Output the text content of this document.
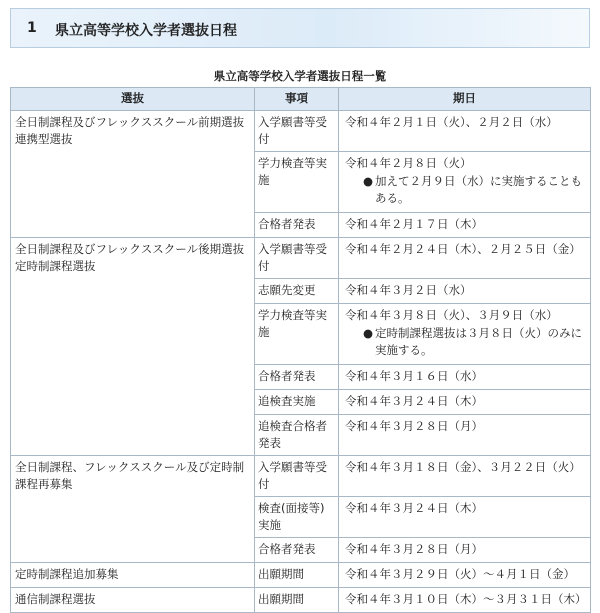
1 県立高等学校入学者選抜日程
県立高等学校入学者選抜日程一覧
選抜	事項	期日
全日制課程及びフレックススクール前期選抜連携型選抜	入学願書等受付	令和４年２月１日（火）、２月２日（水）
	学力検査等実施	令和４年２月８日（火）
● 加えて２月９日（水）に実施することもある。

	合格者発表	令和４年２月１７日（木）
全日制課程及びフレックススクール後期選抜定時制課程選抜	入学願書等受付	令和４年２月２４日（木）、２月２５日（金）
	志願先変更	令和４年３月２日（水）
	学力検査等実施	令和４年３月８日（火）、３月９日（水）
● 定時制課程選抜は３月８日（火）のみに実施する。

	合格者発表	令和４年３月１６日（水）
	追検査実施	令和４年３月２４日（木）
	追検査合格者発表	令和４年３月２８日（月）
全日制課程、フレックススクール及び定時制課程再募集	入学願書等受付	令和４年３月１８日（金）、３月２２日（火）
	検査(面接等)実施	令和４年３月２４日（木）
	合格者発表	令和４年３月２８日（月）
定時制課程追加募集	出願期間	令和４年３月２９日（火）～４月１日（金）
通信制課程選抜	出願期間	令和４年３月１０日（木）～３月３１日（木）
